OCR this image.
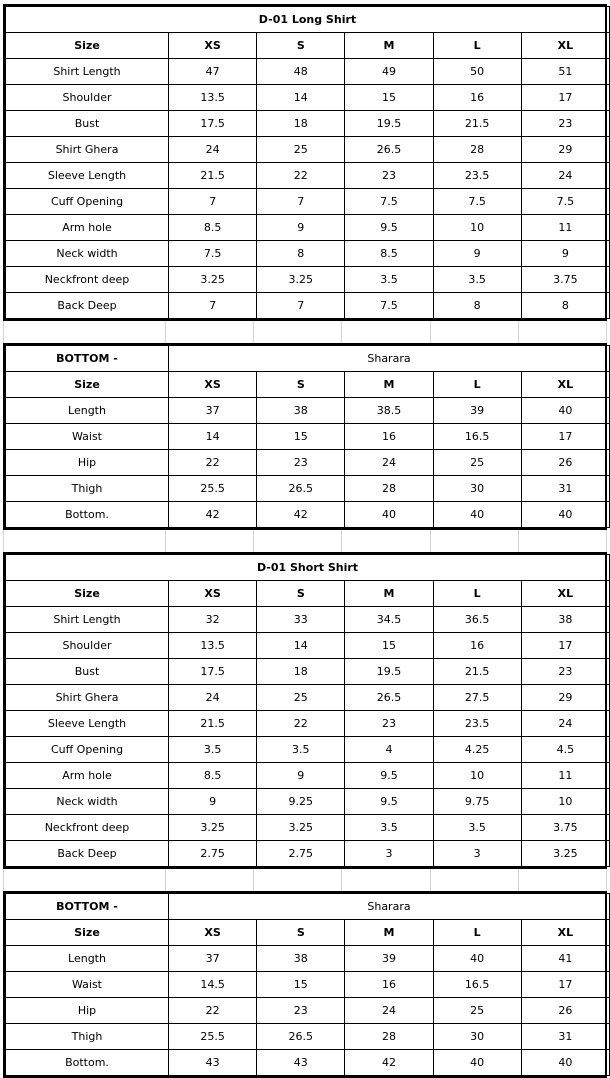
D-01 Long Shirt					
Size	XS	S	M	L	XL
Shirt Length	47	48	49	50	51
Shoulder	13.5	14	15	16	17
Bust	17.5	18	19.5	21.5	23
Shirt Ghera	24	25	26.5	28	29
Sleeve Length	21.5	22	23	23.5	24
Cuff Opening	7	7	7.5	7.5	7.5
Arm hole	8.5	9	9.5	10	11
Neck width	7.5	8	8.5	9	9
Neckfront deep	3.25	3.25	3.5	3.5	3.75
Back Deep	7	7	7.5	8	8
BOTTOM -	Sharara				
Size	XS	S	M	L	XL
Length	37	38	38.5	39	40
Waist	14	15	16	16.5	17
Hip	22	23	24	25	26
Thigh	25.5	26.5	28	30	31
Bottom.	42	42	40	40	40
D-01 Short Shirt					
Size	XS	S	M	L	XL
Shirt Length	32	33	34.5	36.5	38
Shoulder	13.5	14	15	16	17
Bust	17.5	18	19.5	21.5	23
Shirt Ghera	24	25	26.5	27.5	29
Sleeve Length	21.5	22	23	23.5	24
Cuff Opening	3.5	3.5	4	4.25	4.5
Arm hole	8.5	9	9.5	10	11
Neck width	9	9.25	9.5	9.75	10
Neckfront deep	3.25	3.25	3.5	3.5	3.75
Back Deep	2.75	2.75	3	3	3.25
BOTTOM -	Sharara				
Size	XS	S	M	L	XL
Length	37	38	39	40	41
Waist	14.5	15	16	16.5	17
Hip	22	23	24	25	26
Thigh	25.5	26.5	28	30	31
Bottom.	43	43	42	40	40
